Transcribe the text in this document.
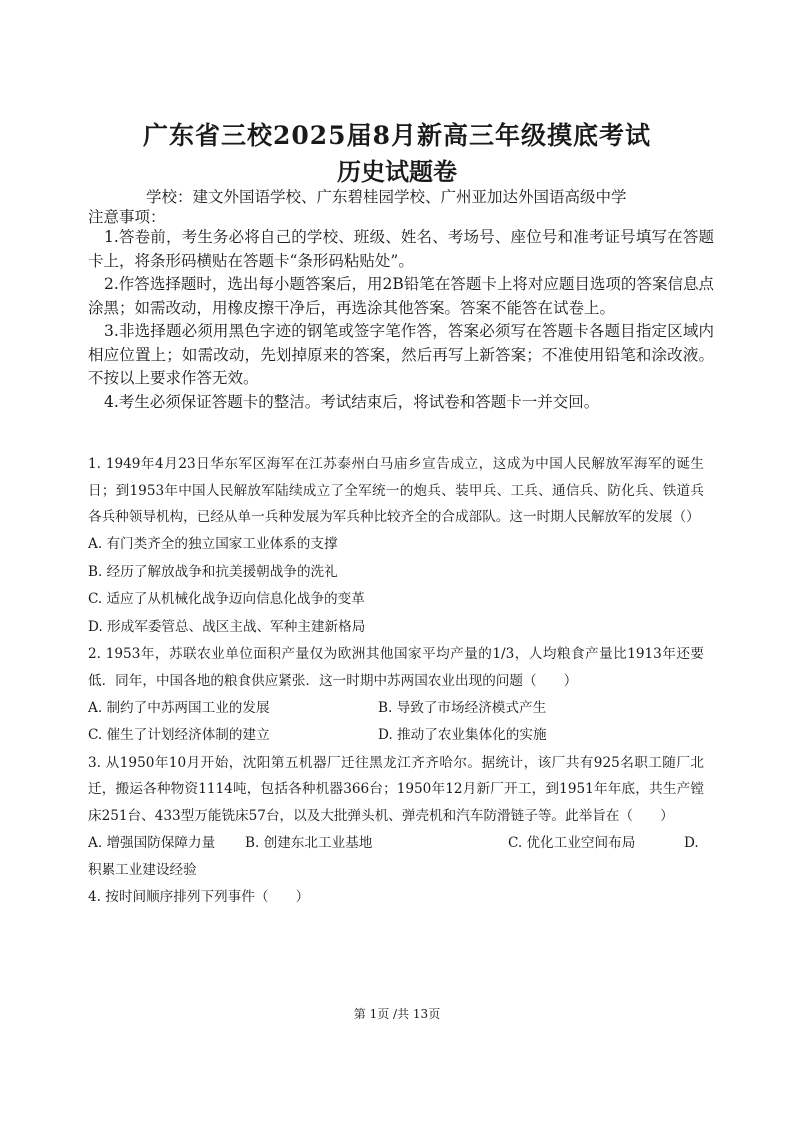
广东省三校2025届8月新高三年级摸底考试
历史试题卷
学校：建文外国语学校、广东碧桂园学校、广州亚加达外国语高级中学
注意事项：

1.答卷前，考生务必将自己的学校、班级、姓名、考场号、座位号和准考证号填写在答题卡上，将条形码横贴在答题卡“条形码粘贴处”。

2.作答选择题时，选出每小题答案后，用2B铅笔在答题卡上将对应题目选项的答案信息点涂黑；如需改动，用橡皮擦干净后，再选涂其他答案。答案不能答在试卷上。

3.非选择题必须用黑色字迹的钢笔或签字笔作答，答案必须写在答题卡各题目指定区域内相应位置上；如需改动，先划掉原来的答案，然后再写上新答案；不准使用铅笔和涂改液。不按以上要求作答无效。

4.考生必须保证答题卡的整洁。考试结束后，将试卷和答题卡一并交回。

1. 1949年4月23日华东军区海军在江苏泰州白马庙乡宣告成立，这成为中国人民解放军海军的诞生日；到1953年中国人民解放军陆续成立了全军统一的炮兵、装甲兵、工兵、通信兵、防化兵、铁道兵各兵种领导机构，已经从单一兵种发展为军兵种比较齐全的合成部队。这一时期人民解放军的发展（）

A. 有门类齐全的独立国家工业体系的支撑

B. 经历了解放战争和抗美援朝战争的洗礼

C. 适应了从机械化战争迈向信息化战争的变革

D. 形成军委管总、战区主战、军种主建新格局

2. 1953年，苏联农业单位面积产量仅为欧洲其他国家平均产量的1/3，人均粮食产量比1913年还要低．同年，中国各地的粮食供应紧张．这一时期中苏两国农业出现的问题（　　）

A. 制约了中苏两国工业的发展	B. 导致了市场经济模式产生
C. 催生了计划经济体制的建立	D. 推动了农业集体化的实施

3. 从1950年10月开始，沈阳第五机器厂迁往黑龙江齐齐哈尔。据统计，该厂共有925名职工随厂北迁，搬运各种物资1114吨，包括各种机器366台；1950年12月新厂开工，到1951年年底，共生产镗床251台、433型万能铣床57台，以及大批弹头机、弹壳机和汽车防滑链子等。此举旨在（　　）

A. 增强国防保障力量	B. 创建东北工业基地	C. 优化工业空间布局	D.

积累工业建设经验

4. 按时间顺序排列下列事件（　　）

第 1页 /共 13页
